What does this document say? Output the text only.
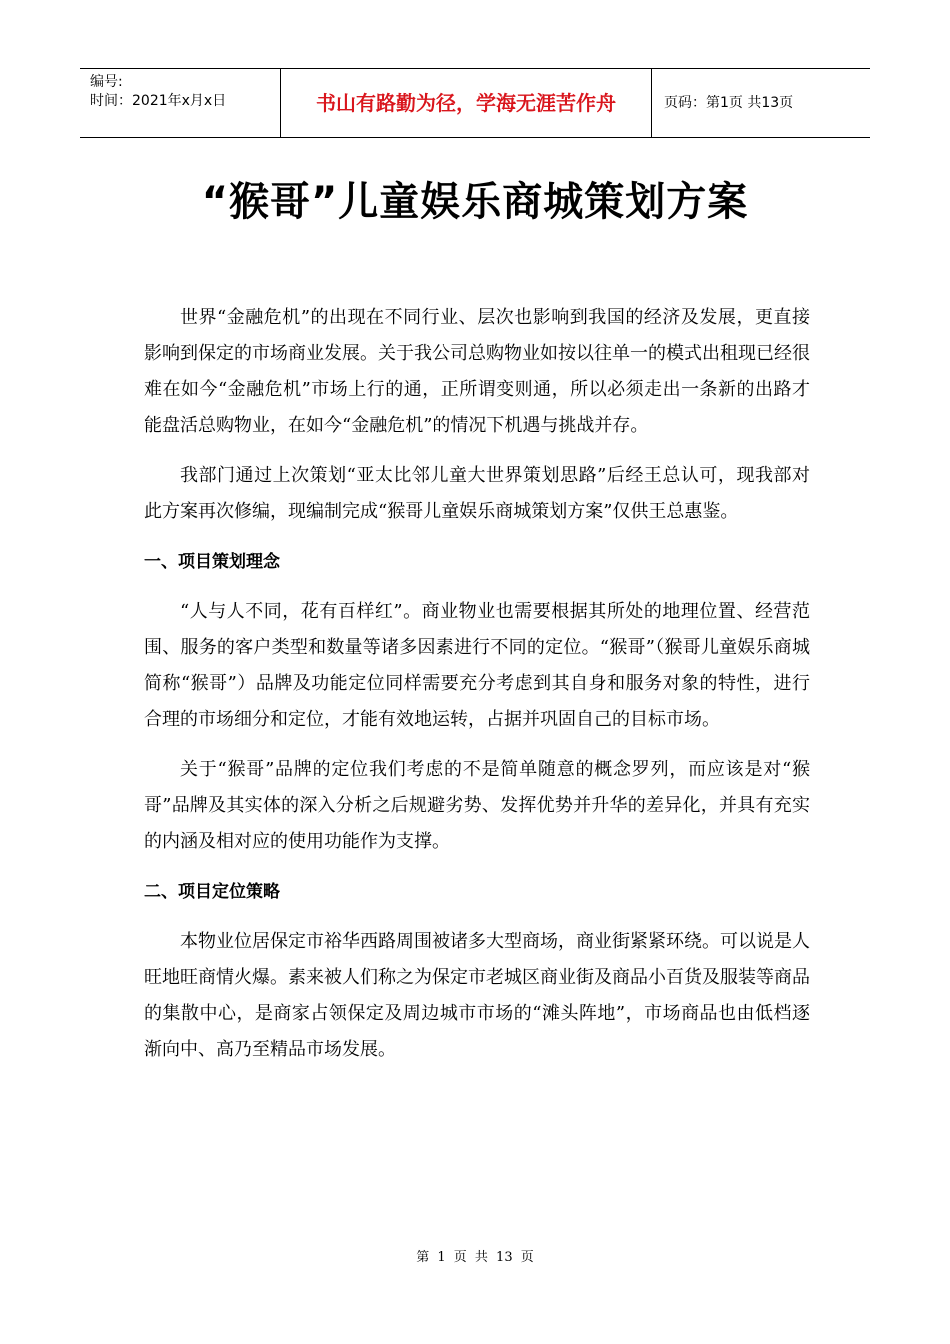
编号:
时间：2021年x月x日	书山有路勤为径，学海无涯苦作舟	页码：第1页 共13页
“猴哥”儿童娱乐商城策划方案

世界“金融危机”的出现在不同行业、层次也影响到我国的经济及发展，更直接影响到保定的市场商业发展。关于我公司总购物业如按以往单一的模式出租现已经很难在如今“金融危机”市场上行的通，正所谓变则通，所以必须走出一条新的出路才能盘活总购物业，在如今“金融危机”的情况下机遇与挑战并存。

我部门通过上次策划“亚太比邻儿童大世界策划思路”后经王总认可，现我部对此方案再次修编，现编制完成“猴哥儿童娱乐商城策划方案”仅供王总惠鉴。

一、项目策划理念

“人与人不同，花有百样红”。商业物业也需要根据其所处的地理位置、经营范围、服务的客户类型和数量等诸多因素进行不同的定位。“猴哥”（猴哥儿童娱乐商城简称“猴哥”）品牌及功能定位同样需要充分考虑到其自身和服务对象的特性，进行合理的市场细分和定位，才能有效地运转，占据并巩固自己的目标市场。

关于“猴哥”品牌的定位我们考虑的不是简单随意的概念罗列，而应该是对“猴哥”品牌及其实体的深入分析之后规避劣势、发挥优势并升华的差异化，并具有充实的内涵及相对应的使用功能作为支撑。

二、项目定位策略

本物业位居保定市裕华西路周围被诸多大型商场，商业街紧紧环绕。可以说是人旺地旺商情火爆。素来被人们称之为保定市老城区商业街及商品小百货及服装等商品的集散中心，是商家占领保定及周边城市市场的“滩头阵地”，市场商品也由低档逐渐向中、高乃至精品市场发展。

第 1 页 共 13 页
